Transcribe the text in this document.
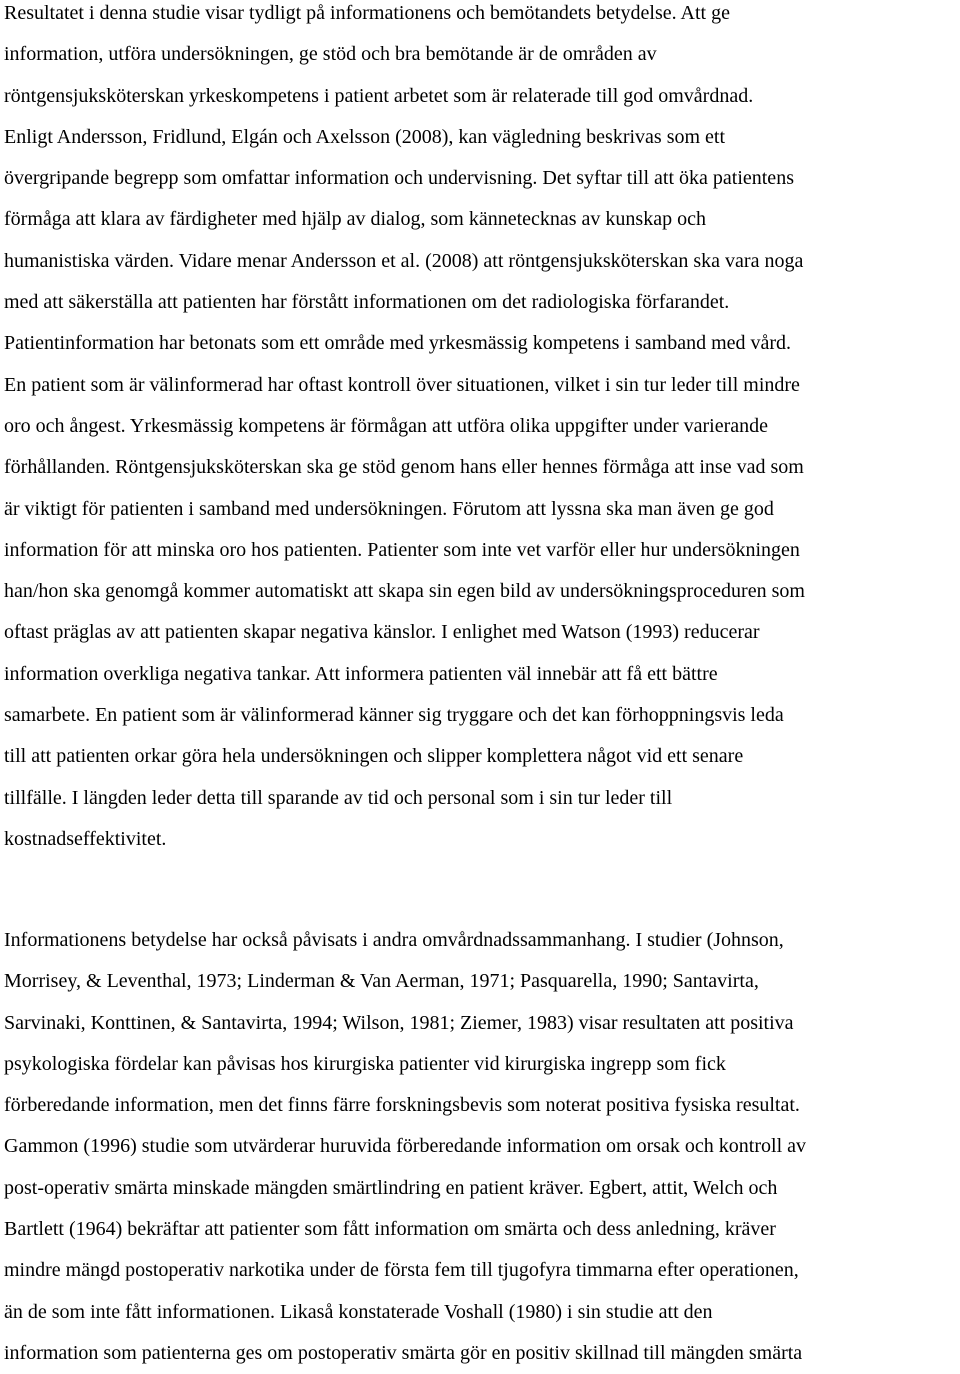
Resultatet i denna studie visar tydligt på informationens och bemötandets betydelse. Att ge
information, utföra undersökningen, ge stöd och bra bemötande är de områden av
röntgensjuksköterskan yrkeskompetens i patient arbetet som är relaterade till god omvårdnad.
Enligt Andersson, Fridlund, Elgán och Axelsson (2008), kan vägledning beskrivas som ett
övergripande begrepp som omfattar information och undervisning. Det syftar till att öka patientens
förmåga att klara av färdigheter med hjälp av dialog, som kännetecknas av kunskap och
humanistiska värden. Vidare menar Andersson et al. (2008) att röntgensjuksköterskan ska vara noga
med att säkerställa att patienten har förstått informationen om det radiologiska förfarandet.
Patientinformation har betonats som ett område med yrkesmässig kompetens i samband med vård.
En patient som är välinformerad har oftast kontroll över situationen, vilket i sin tur leder till mindre
oro och ångest. Yrkesmässig kompetens är förmågan att utföra olika uppgifter under varierande
förhållanden. Röntgensjuksköterskan ska ge stöd genom hans eller hennes förmåga att inse vad som
är viktigt för patienten i samband med undersökningen. Förutom att lyssna ska man även ge god
information för att minska oro hos patienten. Patienter som inte vet varför eller hur undersökningen
han/hon ska genomgå kommer automatiskt att skapa sin egen bild av undersökningsproceduren som
oftast präglas av att patienten skapar negativa känslor. I enlighet med Watson (1993) reducerar
information overkliga negativa tankar. Att informera patienten väl innebär att få ett bättre
samarbete. En patient som är välinformerad känner sig tryggare och det kan förhoppningsvis leda
till att patienten orkar göra hela undersökningen och slipper komplettera något vid ett senare
tillfälle. I längden leder detta till sparande av tid och personal som i sin tur leder till
kostnadseffektivitet.
Informationens betydelse har också påvisats i andra omvårdnadssammanhang. I studier (Johnson,
Morrisey, & Leventhal, 1973; Linderman & Van Aerman, 1971; Pasquarella, 1990; Santavirta,
Sarvinaki, Konttinen, & Santavirta, 1994; Wilson, 1981; Ziemer, 1983) visar resultaten att positiva
psykologiska fördelar kan påvisas hos kirurgiska patienter vid kirurgiska ingrepp som fick
förberedande information, men det finns färre forskningsbevis som noterat positiva fysiska resultat.
Gammon (1996) studie som utvärderar huruvida förberedande information om orsak och kontroll av
post-operativ smärta minskade mängden smärtlindring en patient kräver. Egbert, attit, Welch och
Bartlett (1964) bekräftar att patienter som fått information om smärta och dess anledning, kräver
mindre mängd postoperativ narkotika under de första fem till tjugofyra timmarna efter operationen,
än de som inte fått informationen. Likaså konstaterade Voshall (1980) i sin studie att den
information som patienterna ges om postoperativ smärta gör en positiv skillnad till mängden smärta
